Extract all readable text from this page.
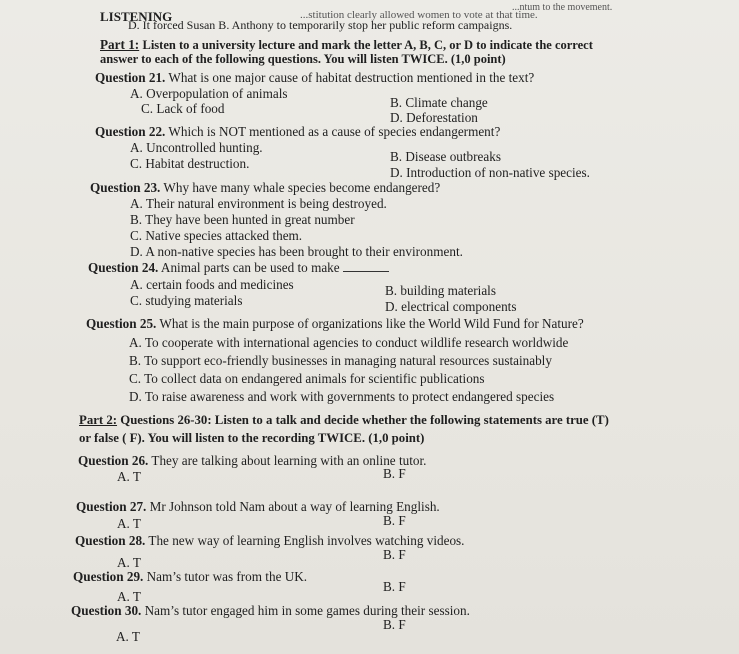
...ntum to the movement.
...stitution clearly allowed women to vote at that time.
D. It forced Susan B. Anthony to temporarily stop her public reform campaigns.
LISTENING
Part 1: Listen to a university lecture and mark the letter A, B, C, or D to indicate the correct
answer to each of the following questions. You will listen TWICE. (1,0 point)
Question 21. What is one major cause of habitat destruction mentioned in the text?
A. Overpopulation of animals
B. Climate change
C. Lack of food
D. Deforestation
Question 22. Which is NOT mentioned as a cause of species endangerment?
A. Uncontrolled hunting.
B. Disease outbreaks
C. Habitat destruction.
D. Introduction of non-native species.
Question 23. Why have many whale species become endangered?
A. Their natural environment is being destroyed.
B. They have been hunted in great number
C. Native species attacked them.
D. A non-native species has been brought to their environment.
Question 24. Animal parts can be used to make
A. certain foods and medicines	B. building materials
C. studying materials	D. electrical components
Question 25. What is the main purpose of organizations like the World Wild Fund for Nature?
A. To cooperate with international agencies to conduct wildlife research worldwide
B. To support eco-friendly businesses in managing natural resources sustainably
C. To collect data on endangered animals for scientific publications
D. To raise awareness and work with governments to protect endangered species
Part 2: Questions 26-30: Listen to a talk and decide whether the following statements are true (T)
or false ( F). You will listen to the recording TWICE. (1,0 point)
Question 26. They are talking about learning with an online tutor.
A. T	B. F
Question 27. Mr Johnson told Nam about a way of learning English.
A. T	B. F
Question 28. The new way of learning English involves watching videos.
A. T
B. F
Question 29. Nam’s tutor was from the UK.
A. T
B. F
Question 30. Nam’s tutor engaged him in some games during their session.
A. T
B. F
